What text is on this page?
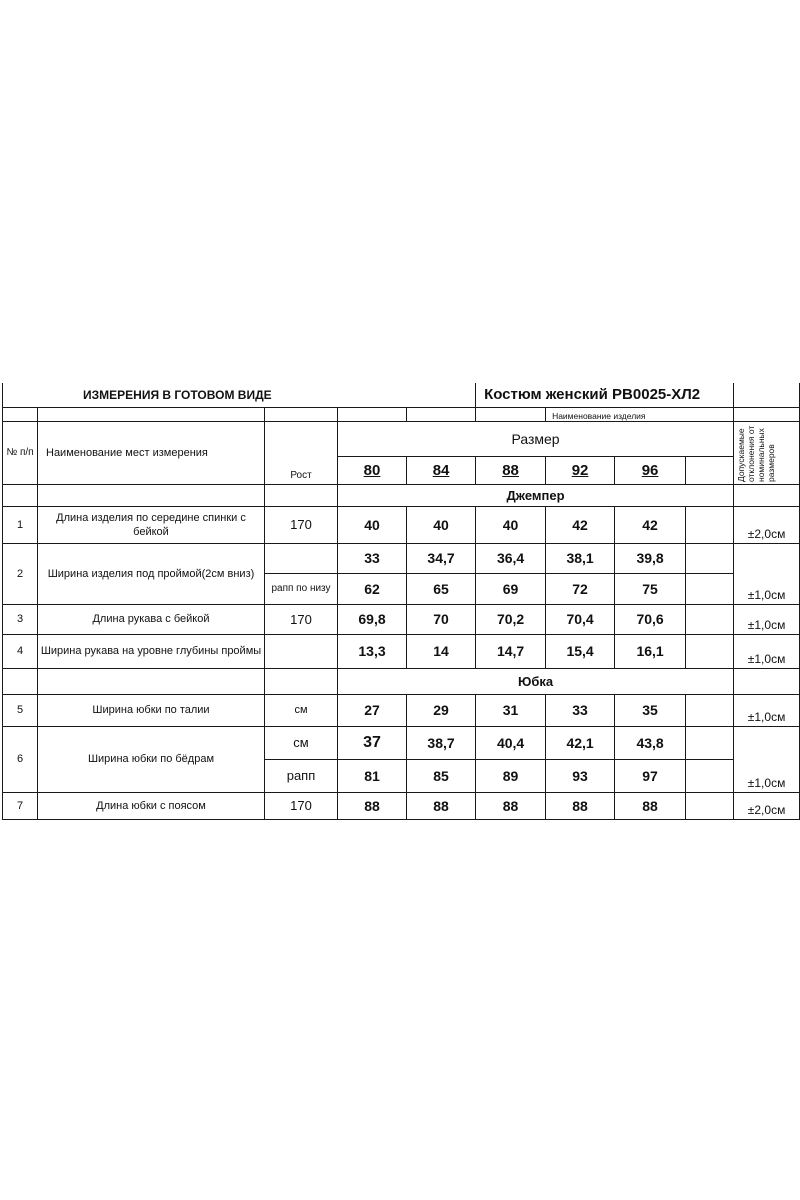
ИЗМЕРЕНИЯ В ГОТОВОМ ВИДЕ					Костюм женский РВ0025-ХЛ2				
						Наименование изделия			
№ п/п	Наименование мест измерения	Рост	Размер						Допускаемые отклонения от номинальных размеров

			80	84	88	92	96		
			Джемпер						
1	Длина изделия по середине спинки с бейкой	170	40	40	40	42	42		±2,0см
2	Ширина изделия под проймой(2см вниз)		33	34,7	36,4	38,1	39,8		±1,0см
		рапп по низу	62	65	69	72	75		
3	Длина рукава с бейкой	170	69,8	70	70,2	70,4	70,6		±1,0см
4	Ширина рукава на уровне глубины проймы		13,3	14	14,7	15,4	16,1		±1,0см
			Юбка						
5	Ширина юбки по талии	см	27	29	31	33	35		±1,0см
6	Ширина юбки по бёдрам	см	37	38,7	40,4	42,1	43,8		±1,0см
		рапп	81	85	89	93	97		
7	Длина юбки с поясом	170	88	88	88	88	88		±2,0см
